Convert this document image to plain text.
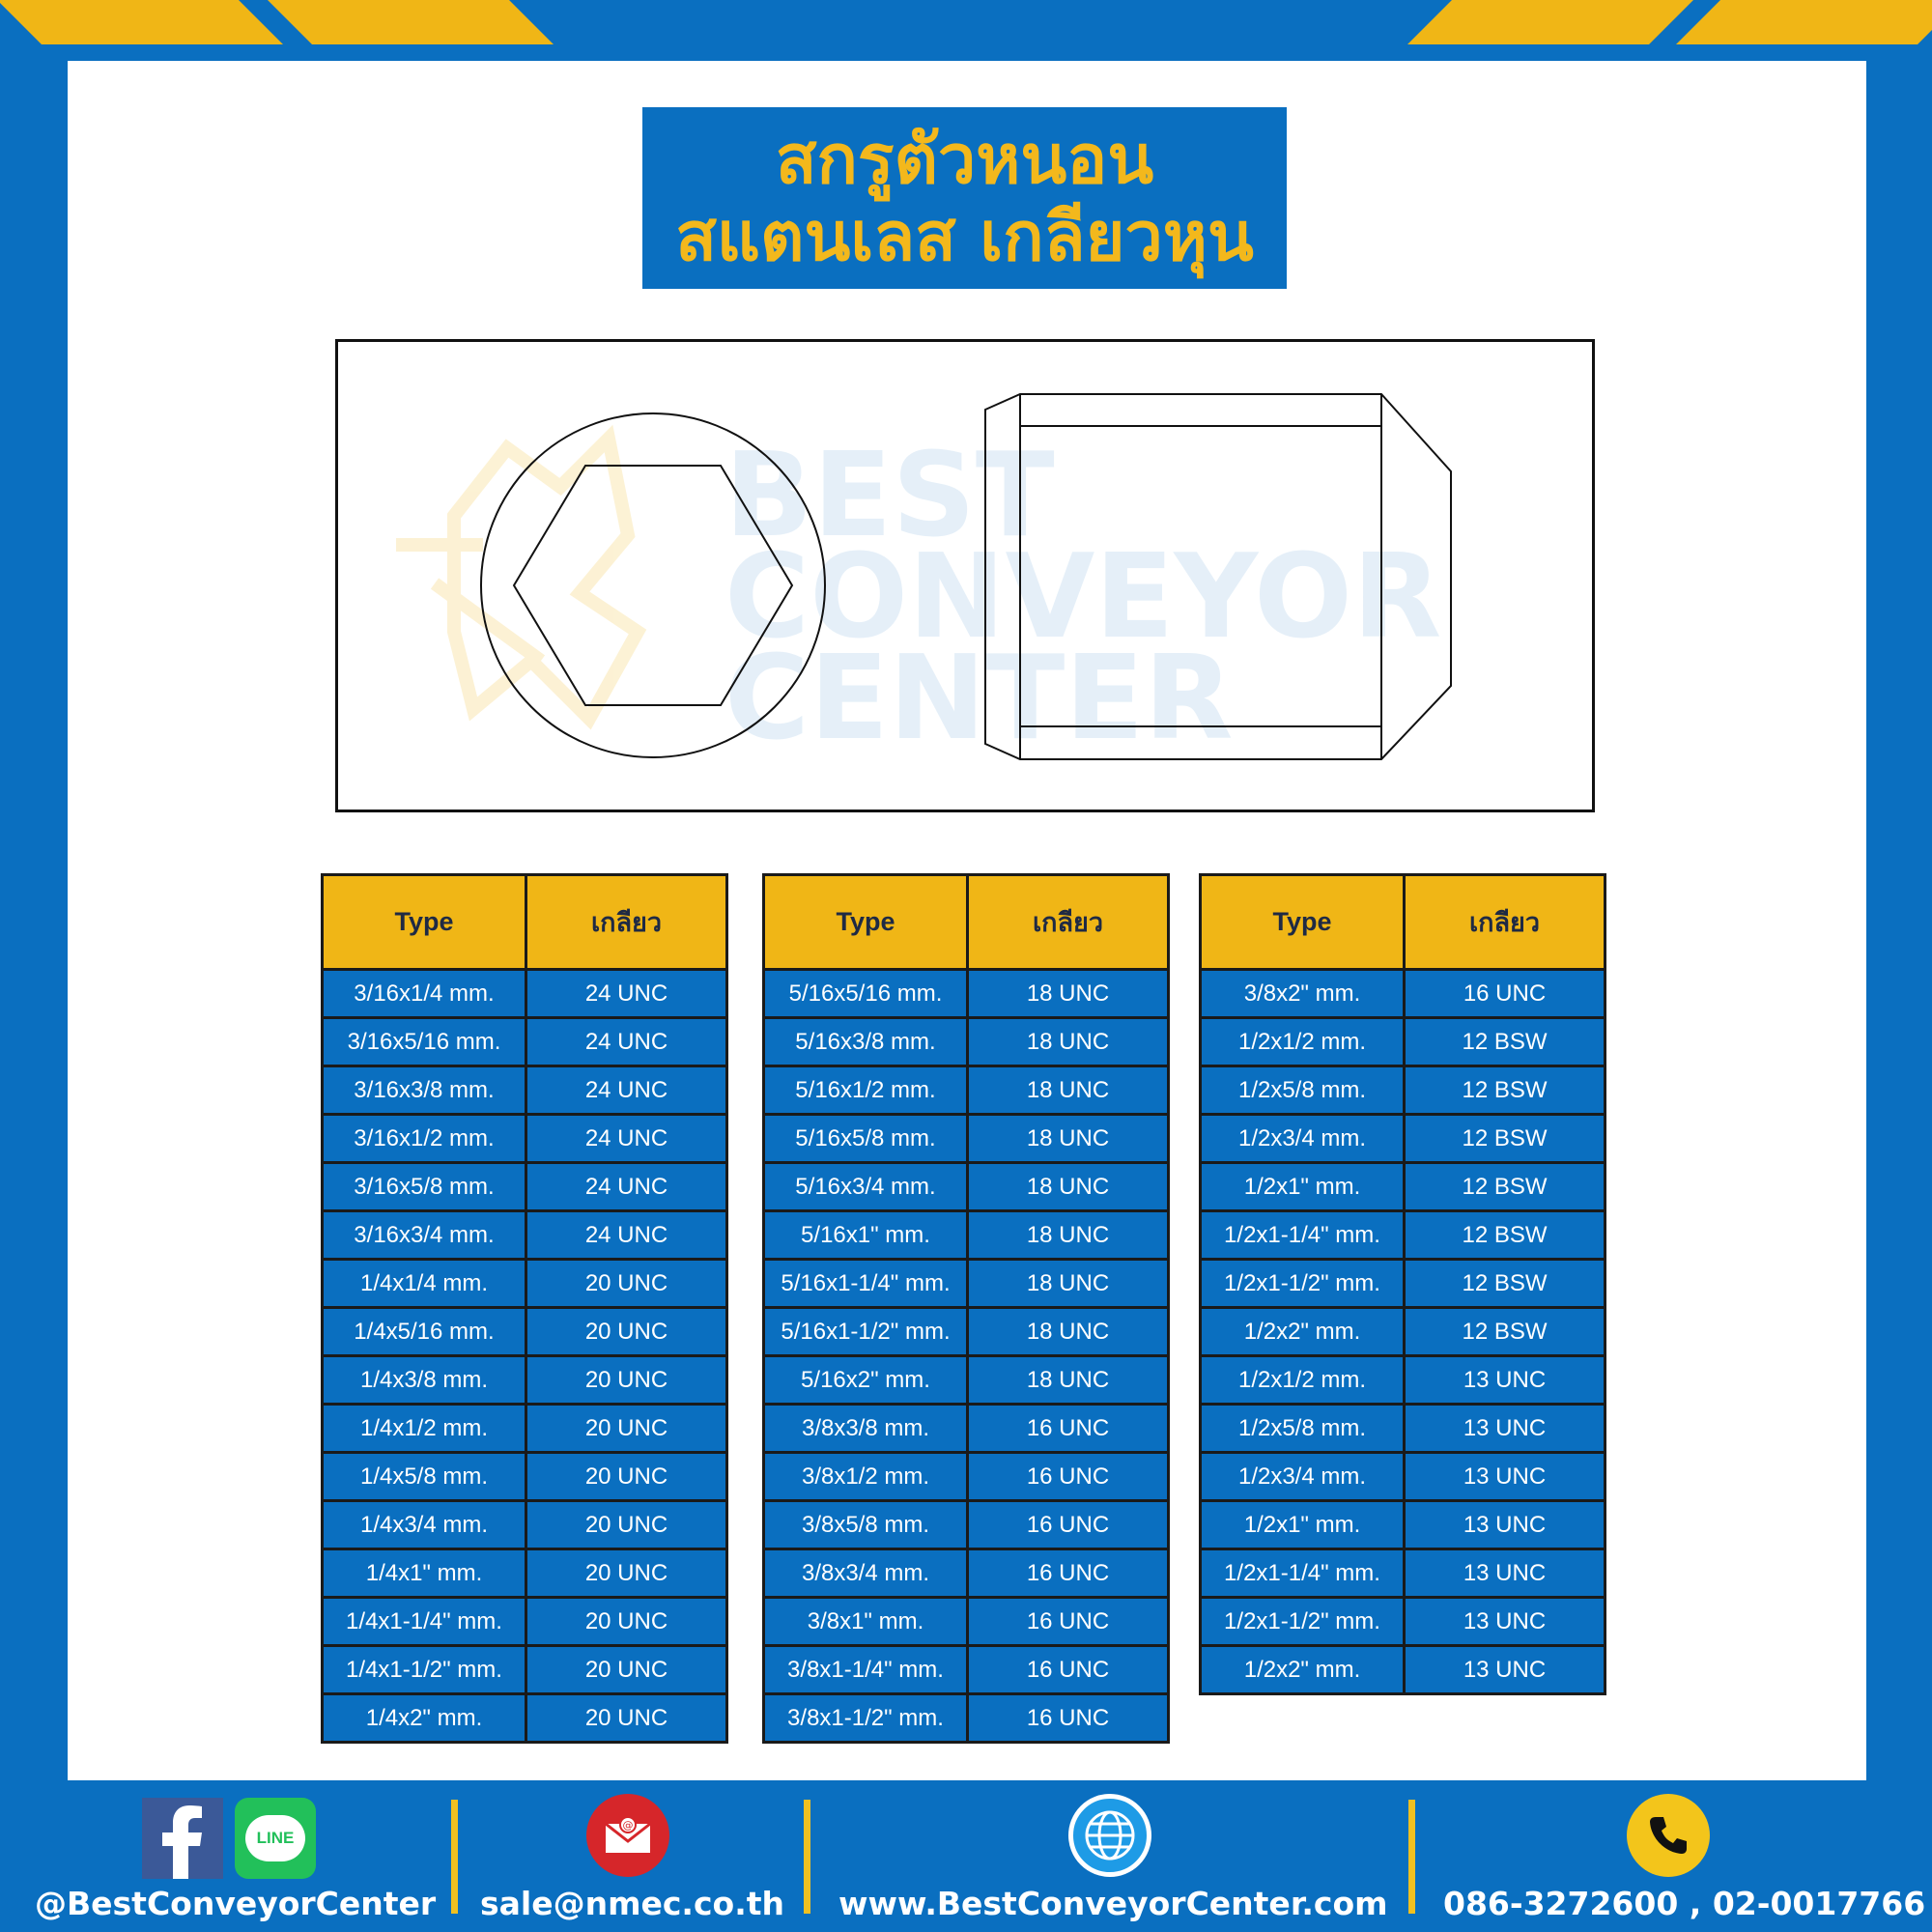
สกรูตัวหนอน
สแตนเลส เกลียวหุน
BEST
CONVEYOR
CENTER
Type	เกลียว
3/16x1/4 mm.	24 UNC
3/16x5/16 mm.	24 UNC
3/16x3/8 mm.	24 UNC
3/16x1/2 mm.	24 UNC
3/16x5/8 mm.	24 UNC
3/16x3/4 mm.	24 UNC
1/4x1/4 mm.	20 UNC
1/4x5/16 mm.	20 UNC
1/4x3/8 mm.	20 UNC
1/4x1/2 mm.	20 UNC
1/4x5/8 mm.	20 UNC
1/4x3/4 mm.	20 UNC
1/4x1" mm.	20 UNC
1/4x1-1/4" mm.	20 UNC
1/4x1-1/2" mm.	20 UNC
1/4x2" mm.	20 UNC
Type	เกลียว
5/16x5/16 mm.	18 UNC
5/16x3/8 mm.	18 UNC
5/16x1/2 mm.	18 UNC
5/16x5/8 mm.	18 UNC
5/16x3/4 mm.	18 UNC
5/16x1" mm.	18 UNC
5/16x1-1/4" mm.	18 UNC
5/16x1-1/2" mm.	18 UNC
5/16x2" mm.	18 UNC
3/8x3/8 mm.	16 UNC
3/8x1/2 mm.	16 UNC
3/8x5/8 mm.	16 UNC
3/8x3/4 mm.	16 UNC
3/8x1" mm.	16 UNC
3/8x1-1/4" mm.	16 UNC
3/8x1-1/2" mm.	16 UNC
Type	เกลียว
3/8x2" mm.	16 UNC
1/2x1/2 mm.	12 BSW
1/2x5/8 mm.	12 BSW
1/2x3/4 mm.	12 BSW
1/2x1" mm.	12 BSW
1/2x1-1/4" mm.	12 BSW
1/2x1-1/2" mm.	12 BSW
1/2x2" mm.	12 BSW
1/2x1/2 mm.	13 UNC
1/2x5/8 mm.	13 UNC
1/2x3/4 mm.	13 UNC
1/2x1" mm.	13 UNC
1/2x1-1/4" mm.	13 UNC
1/2x1-1/2" mm.	13 UNC
1/2x2" mm.	13 UNC
LINE
@BestConveyorCenter
@
sale@nmec.co.th www.BestConveyorCenter.com 086-3272600 , 02-0017766
